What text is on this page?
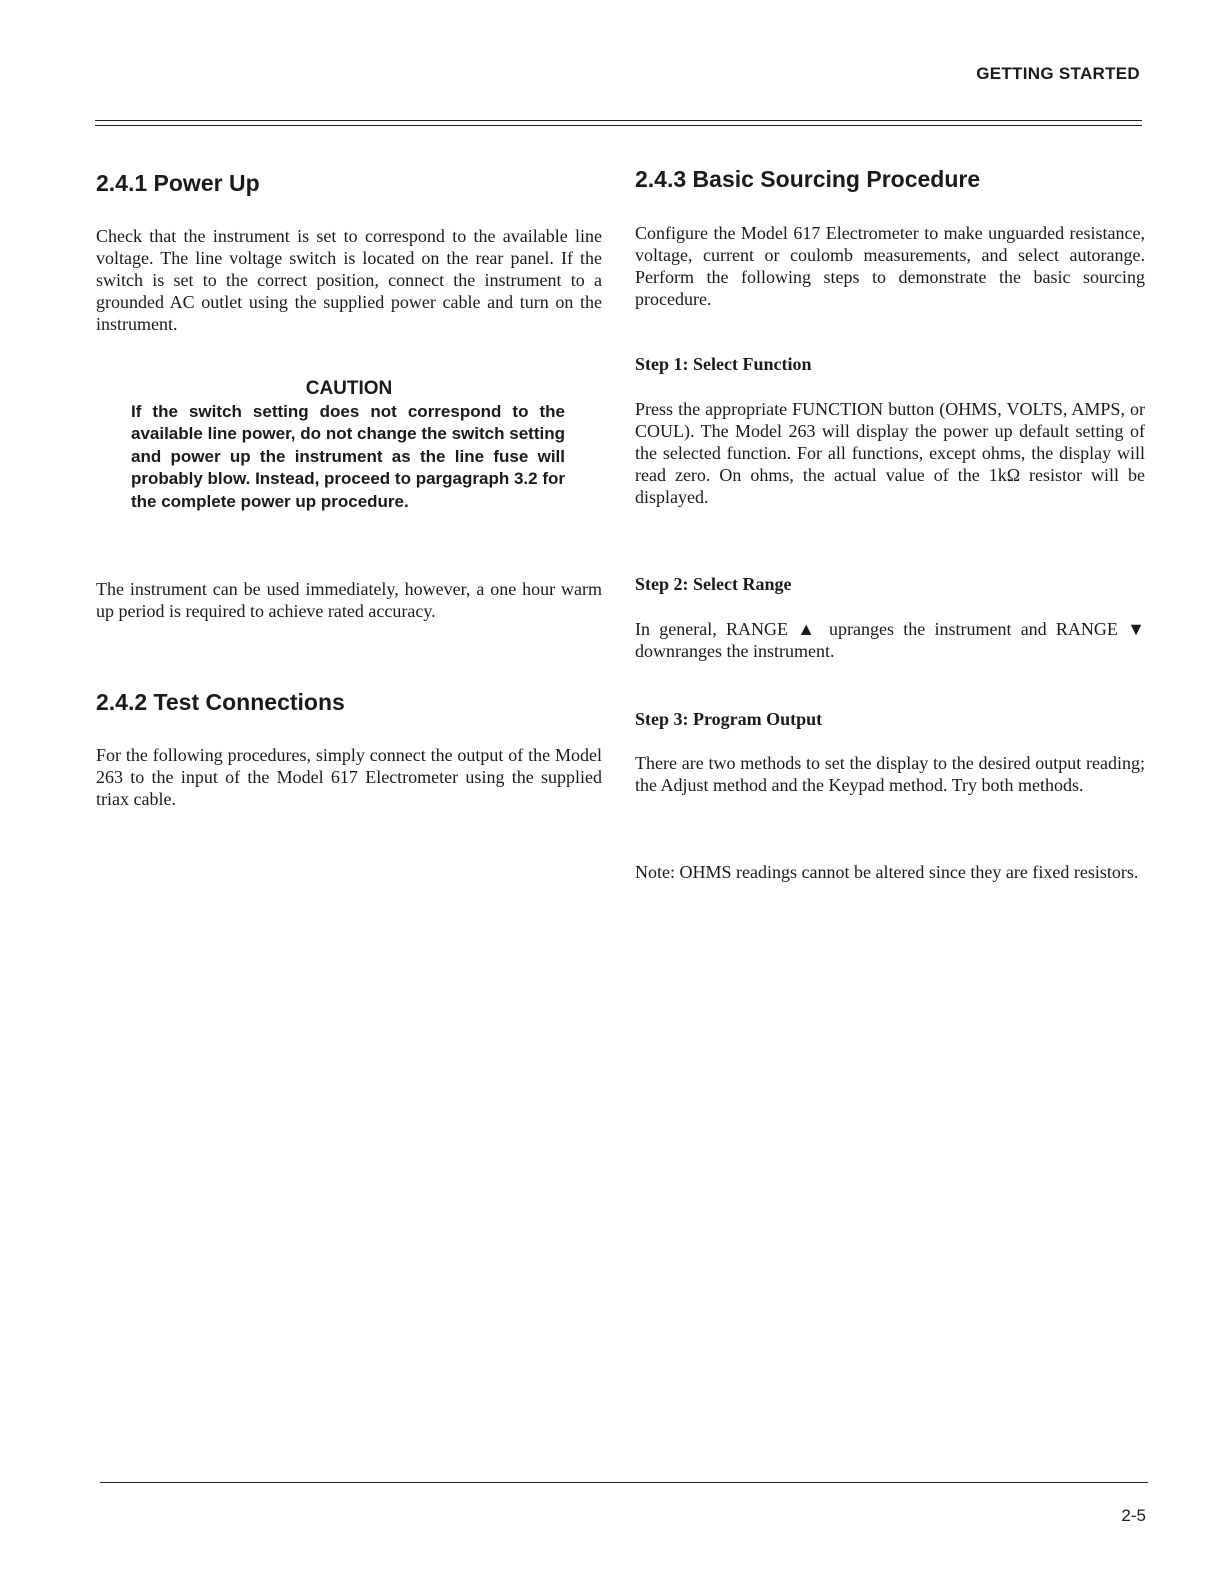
GETTING STARTED

2.4.1 Power Up

Check that the instrument is set to correspond to the available line voltage. The line voltage switch is located on the rear panel. If the switch is set to the correct position, connect the instrument to a grounded AC outlet using the supplied power cable and turn on the instrument.

CAUTION

If the switch setting does not correspond to the available line power, do not change the switch setting and power up the instrument as the line fuse will probably blow. Instead, proceed to pargagraph 3.2 for the complete power up procedure.

The instrument can be used immediately, however, a one hour warm up period is required to achieve rated accuracy.

2.4.2 Test Connections

For the following procedures, simply connect the output of the Model 263 to the input of the Model 617 Electrometer using the supplied triax cable.

2.4.3 Basic Sourcing Procedure

Configure the Model 617 Electrometer to make unguarded resistance, voltage, current or coulomb measurements, and select autorange. Perform the following steps to demonstrate the basic sourcing procedure.

Step 1: Select Function

Press the appropriate FUNCTION button (OHMS, VOLTS, AMPS, or COUL). The Model 263 will display the power up default setting of the selected function. For all functions, except ohms, the display will read zero. On ohms, the actual value of the 1kΩ resistor will be displayed.

Step 2: Select Range

In general, RANGE ▲ upranges the instrument and RANGE ▼ downranges the instrument.

Step 3: Program Output

There are two methods to set the display to the desired output reading; the Adjust method and the Keypad method. Try both methods.

Note: OHMS readings cannot be altered since they are fixed resistors.

2-5
